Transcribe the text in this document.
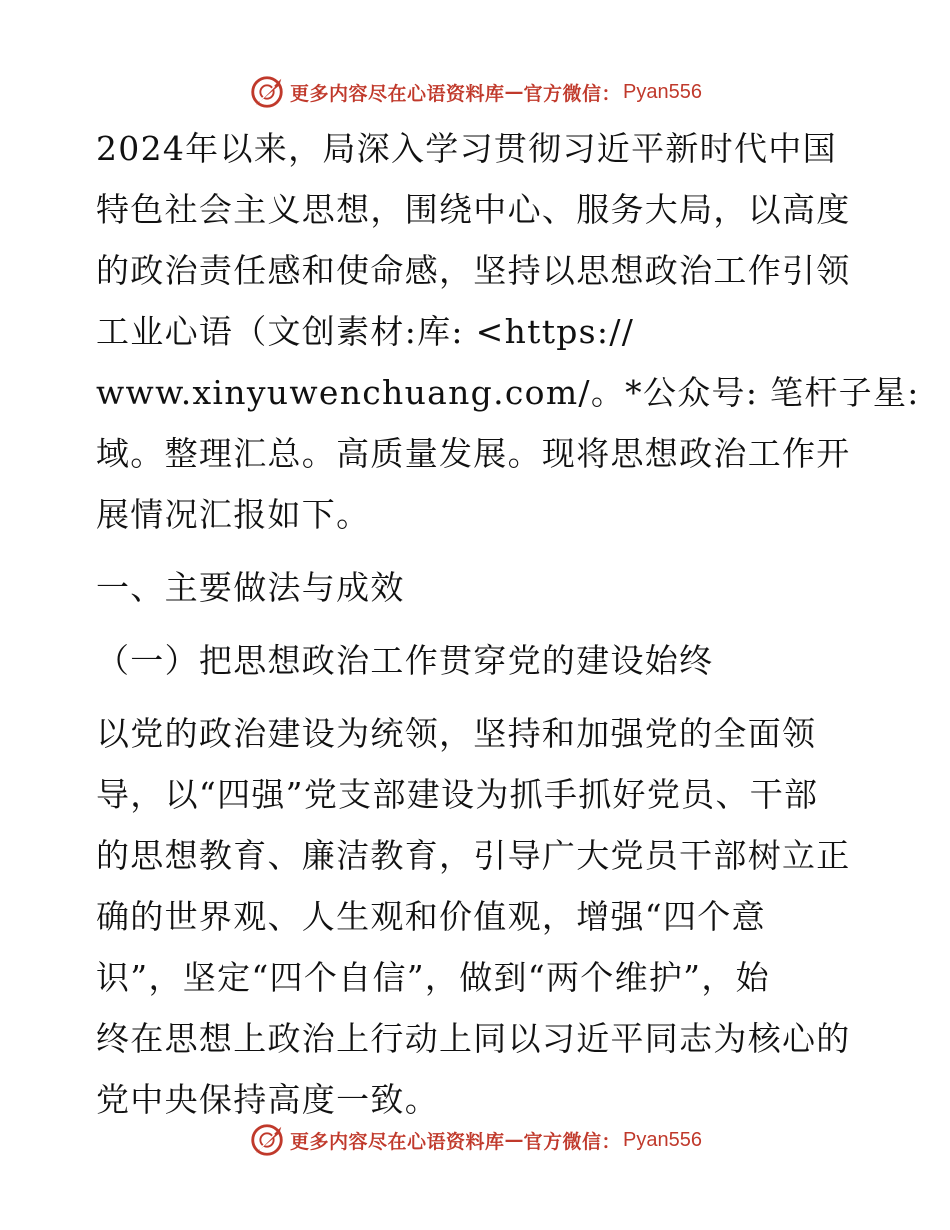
更多内容尽在心语资料库 — 官方微信： Pyan556
2024年以来，局深入学习贯彻习近平新时代中国
特色社会主义思想，围绕中心、服务大局，以高度
的政治责任感和使命感，坚持以思想政治工作引领
工业心语（文创素材:库: <https://
www.xinyuwenchuang.com/。*公众号: 笔杆子星:
域。整理汇总。高质量发展。现将思想政治工作开
展情况汇报如下。
一、主要做法与成效
（一）把思想政治工作贯穿党的建设始终
以党的政治建设为统领，坚持和加强党的全面领
导，以“四强”党支部建设为抓手抓好党员、干部
的思想教育、廉洁教育，引导广大党员干部树立正
确的世界观、人生观和价值观，增强“四个意
识”，坚定“四个自信”，做到“两个维护”，始
终在思想上政治上行动上同以习近平同志为核心的
党中央保持高度一致。
更多内容尽在心语资料库 — 官方微信： Pyan556
